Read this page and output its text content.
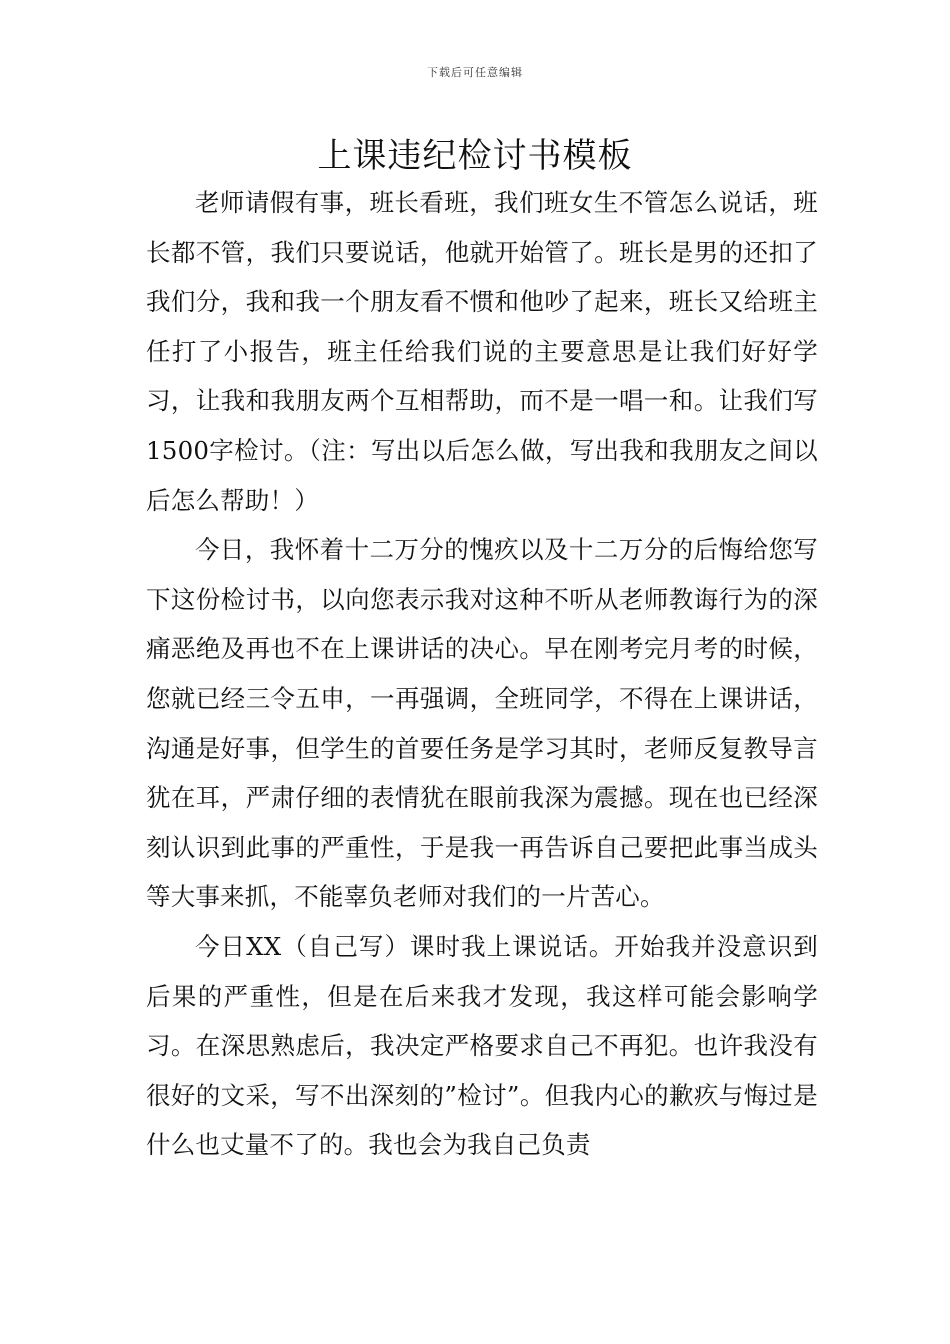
下载后可任意编辑
上课违纪检讨书模板

老师请假有事，班长看班，我们班女生不管怎么说话，班长都不管，我们只要说话，他就开始管了。班长是男的还扣了我们分，我和我一个朋友看不惯和他吵了起来，班长又给班主任打了小报告，班主任给我们说的主要意思是让我们好好学习，让我和我朋友两个互相帮助，而不是一唱一和。让我们写1500字检讨。（注：写出以后怎么做，写出我和我朋友之间以后怎么帮助！）

今日，我怀着十二万分的愧疚以及十二万分的后悔给您写下这份检讨书，以向您表示我对这种不听从老师教诲行为的深痛恶绝及再也不在上课讲话的决心。早在刚考完月考的时候，您就已经三令五申，一再强调，全班同学，不得在上课讲话，沟通是好事，但学生的首要任务是学习其时，老师反复教导言犹在耳，严肃仔细的表情犹在眼前我深为震撼。现在也已经深刻认识到此事的严重性，于是我一再告诉自己要把此事当成头等大事来抓，不能辜负老师对我们的一片苦心。

今日XX（自己写）课时我上课说话。开始我并没意识到后果的严重性，但是在后来我才发现，我这样可能会影响学习。在深思熟虑后，我决定严格要求自己不再犯。也许我没有很好的文采，写不出深刻的”检讨”。但我内心的歉疚与悔过是什么也丈量不了的。我也会为我自己负责
